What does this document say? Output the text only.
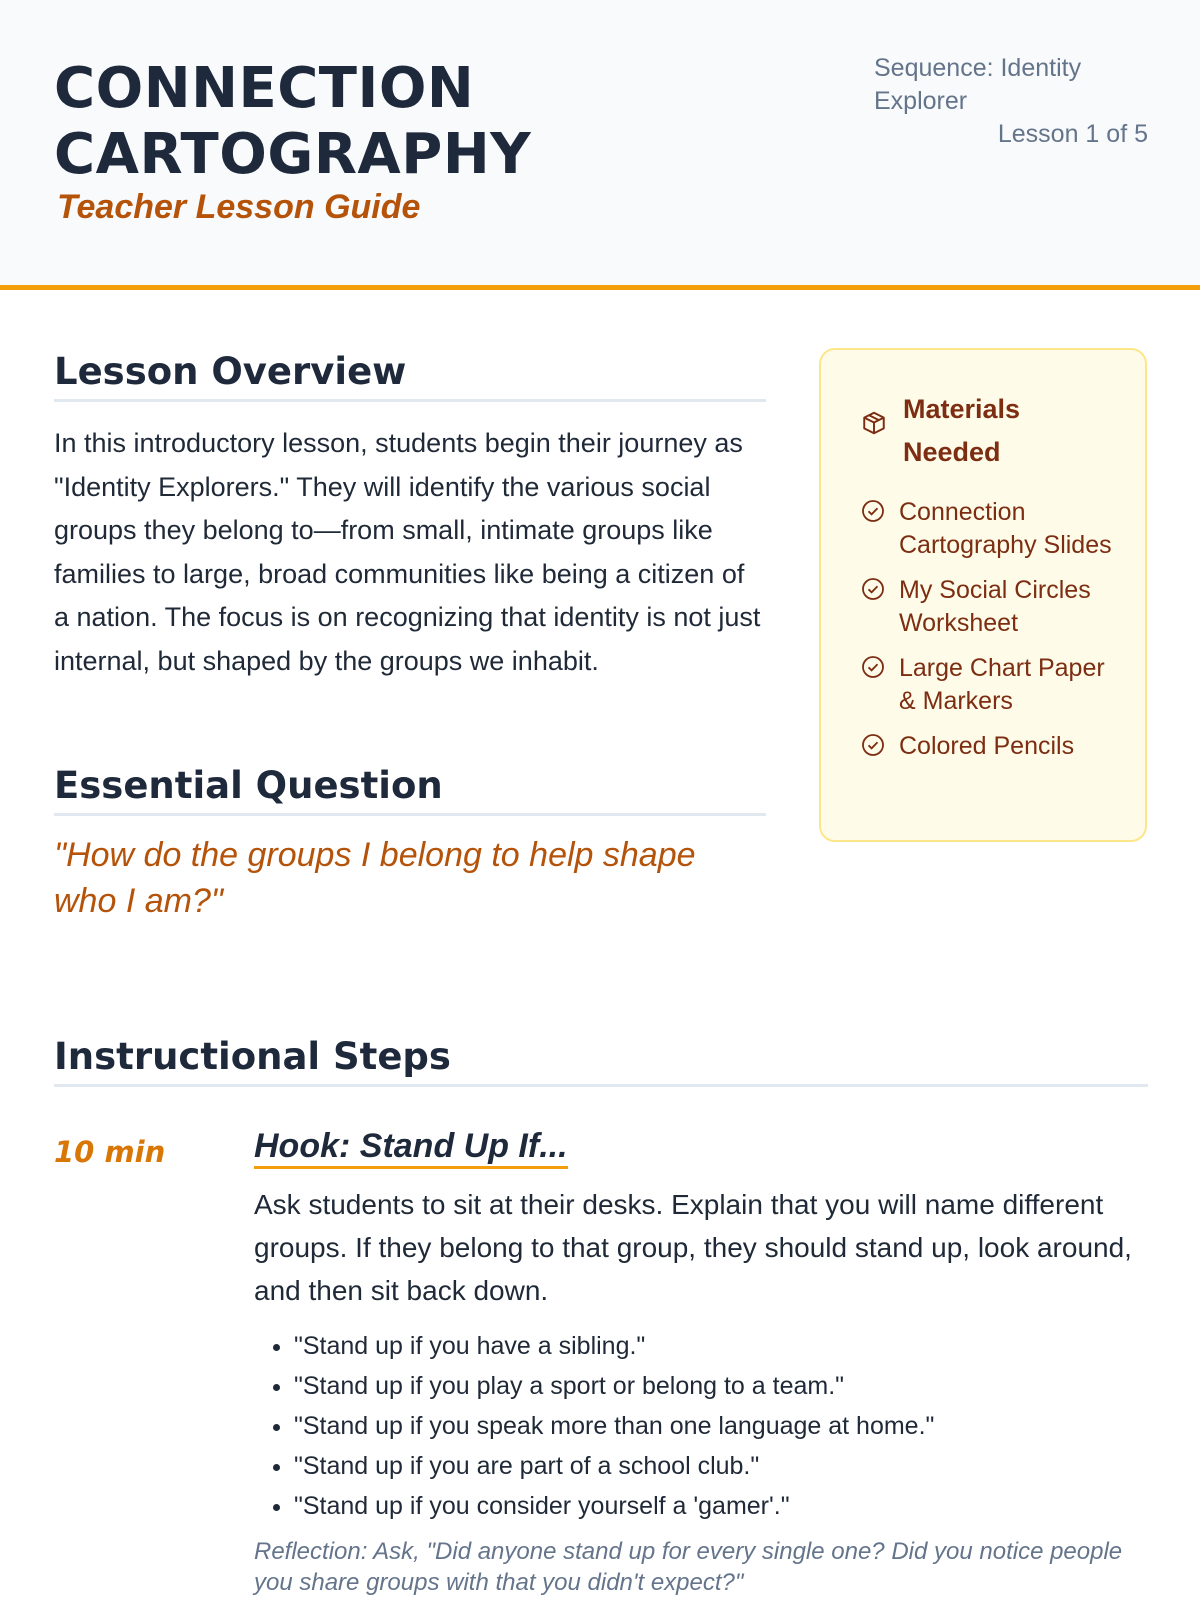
CONNECTION
CARTOGRAPHY
Teacher Lesson Guide
Sequence: Identity Explorer
Lesson 1 of 5
Lesson Overview

In this introductory lesson, students begin their journey as "Identity Explorers." They will identify the various social groups they belong to—from small, intimate groups like families to large, broad communities like being a citizen of a nation. The focus is on recognizing that identity is not just internal, but shaped by the groups we inhabit.

Essential Question
"How do the groups I belong to help shape who I am?"
Materials Needed
Connection Cartography Slides
My Social Circles Worksheet
Large Chart Paper & Markers
Colored Pencils
Instructional Steps
10 min	Hook: Stand Up If...

Ask students to sit at their desks. Explain that you will name different groups. If they belong to that group, they should stand up, look around, and then sit back down.

• "Stand up if you have a sibling."
• "Stand up if you play a sport or belong to a team."
• "Stand up if you speak more than one language at home."
• "Stand up if you are part of a school club."
• "Stand up if you consider yourself a 'gamer'."
Reflection: Ask, "Did anyone stand up for every single one? Did you notice people you share groups with that you didn't expect?"
